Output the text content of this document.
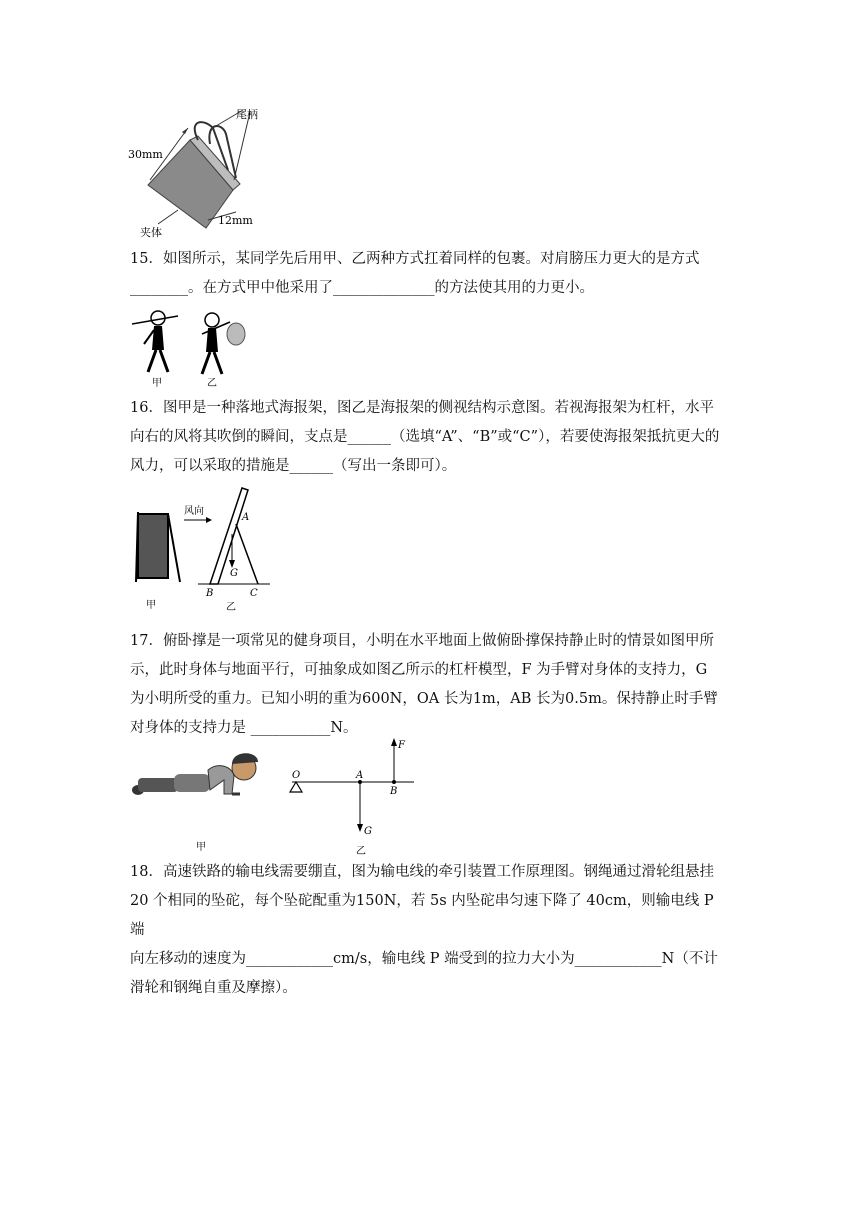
尾柄
30mm
12mm
夹体
15．如图所示，某同学先后用甲、乙两种方式扛着同样的包裹。对肩膀压力更大的是方式
________。在方式甲中他采用了______________的方法使其用的力更小。
甲	乙
16．图甲是一种落地式海报架，图乙是海报架的侧视结构示意图。若视海报架为杠杆，水平
向右的风将其吹倒的瞬间，支点是______（选填“A”、“B”或“C”），若要使海报架抵抗更大的
风力，可以采取的措施是______（写出一条即可）。
风向
A
G
B	C
甲	乙
17．俯卧撑是一项常见的健身项目，小明在水平地面上做俯卧撑保持静止时的情景如图甲所
示，此时身体与地面平行，可抽象成如图乙所示的杠杆模型，F 为手臂对身体的支持力，G
为小明所受的重力。已知小明的重为600N，OA 长为1m，AB 长为0.5m。保持静止时手臂
对身体的支持力是 ___________N。
O	A
B
F
G
甲	乙
18．高速铁路的输电线需要绷直，图为输电线的牵引装置工作原理图。钢绳通过滑轮组悬挂
20 个相同的坠砣，每个坠砣配重为150N，若 5s 内坠砣串匀速下降了 40cm，则输电线 P 端
向左移动的速度为____________cm/s，输电线 P 端受到的拉力大小为____________N（不计
滑轮和钢绳自重及摩擦）。
